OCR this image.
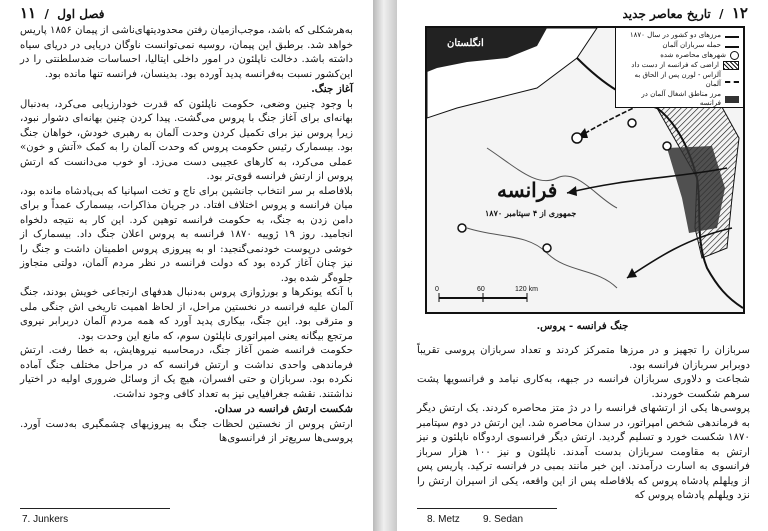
فصل اول  /  ۱۱

به‌هرشکلی که باشد، موجب‌ازمیان رفتن محدودیتهای‌ناشی از پیمان ۱۸۵۶ پاریس خواهد شد. برطبق این پیمان، روسیه نمی‌توانست ناوگان دریایی در دریای سیاه داشته باشد. دخالت ناپلئون در امور داخلی ایتالیا، احساسات ضدسلطنتی را در این‌کشور نسبت به‌فرانسه پدید آورده بود. بدینسان، فرانسه تنها مانده بود.

آغاز جنگ.

با وجود چنین وضعی، حکومت ناپلئون که قدرت خودارزیابی می‌کرد، به‌دنبال بهانه‌ای برای آغاز جنگ با پروس می‌گشت. پیدا کردن چنین بهانه‌ای دشوار نبود، زیرا پروس نیز برای تکمیل کردن وحدت آلمان به رهبری خودش، خواهان جنگ بود. بیسمارک رئیس حکومت پروس که وحدت آلمان را به کمک «آتش و خون» عملی می‌کرد، به کارهای عجیبی دست می‌زد. او خوب می‌دانست که ارتش پروس از ارتش فرانسه قوی‌تر بود.

بلافاصله بر سر انتخاب جانشین برای تاج و تخت اسپانیا که بی‌پادشاه مانده بود، میان فرانسه و پروس اختلاف افتاد. در جریان مذاکرات، بیسمارک عمداً و برای دامن زدن به جنگ، به حکومت فرانسه توهین کرد. این کار به نتیجه دلخواه انجامید. روز ۱۹ ژوییه ۱۸۷۰ فرانسه به پروس اعلان جنگ داد. بیسمارک از خوشی درپوست خودنمی‌گنجید: او به پیروزی پروس اطمینان داشت و جنگ را نیز چنان آغاز کرده بود که دولت فرانسه در نظر مردم آلمان، دولتی متجاوز جلوه‌گر شده بود.

با آنکه یونکرها و بورژوازی پروس به‌دنبال هدفهای ارتجاعی خویش بودند، جنگ آلمان علیه فرانسه در نخستین مراحل، از لحاظ اهمیت تاریخی اش جنگی ملی و مترقی بود. این جنگ، بیکاری پدید آورد که همه مردم آلمان دربرابر نیروی مرتجع بیگانه یعنی امپراتوری ناپلئون سوم، که مانع این وحدت بود.

حکومت فرانسه ضمن آغاز جنگ، درمحاسبه نیروهایش، به خطا رفت. ارتش فرماندهی واحدی نداشت و ارتش فرانسه که در مراحل مختلف جنگ آماده نکرده بود. سربازان و حتی افسران، هیچ یک از وسائل ضروری اولیه در اختیار نداشتند. نقشه جغرافیایی نیز به تعداد کافی وجود نداشت.

شکست ارتش فرانسه در سدان.

ارتش پروس از نخستین لحظات جنگ به پیروزیهای چشمگیری به‌دست آورد. پروسی‌ها سریع‌تر از فرانسوی‌ها

7. Junkers
۱۲  /  تاریخ معاصر جدید
0	60	120 km
انگلستان
فرانسه
جمهوری از ۴ سپتامبر ۱۸۷۰
مرزهای دو کشور در سال ۱۸۷۰
حمله سربازان آلمان
شهرهای محاصره شده
اراضی که فرانسه از دست داد
آلزاس - لورن پس از الحاق به آلمان
مرز مناطق اشغال آلمان در فرانسه
جنگ فرانسه - پروس.

سربازان را تجهیز و در مرزها متمرکز کردند و تعداد سربازان پروسی تقریباً دوبرابر سربازان فرانسه بود.

شجاعت و دلاوری سربازان فرانسه در جبهه، به‌کاری نیامد و فرانسویها پشت سرهم شکست خوردند.

پروسی‌ها یکی از ارتشهای فرانسه را در دژ متز محاصره کردند. یک ارتش دیگر به فرماندهی شخص امپراتور، در سدان محاصره شد. این ارتش در دوم سپتامبر ۱۸۷۰ شکست خورد و تسلیم گردید. ارتش دیگر فرانسوی اردوگاه ناپلئون و نیز ارتش به مقاومت سربازان بدست آمدند. ناپلئون و نیز ۱۰۰ هزار سرباز فرانسوی به اسارت درآمدند. این خبر مانند بمبی در فرانسه ترکید. پاریس پس از ویلهلم پادشاه پروس که بلافاصله پس از این واقعه، یکی از اسیران ارتش را نزد ویلهلم پادشاه پروس که

8. Metz 9. Sedan
